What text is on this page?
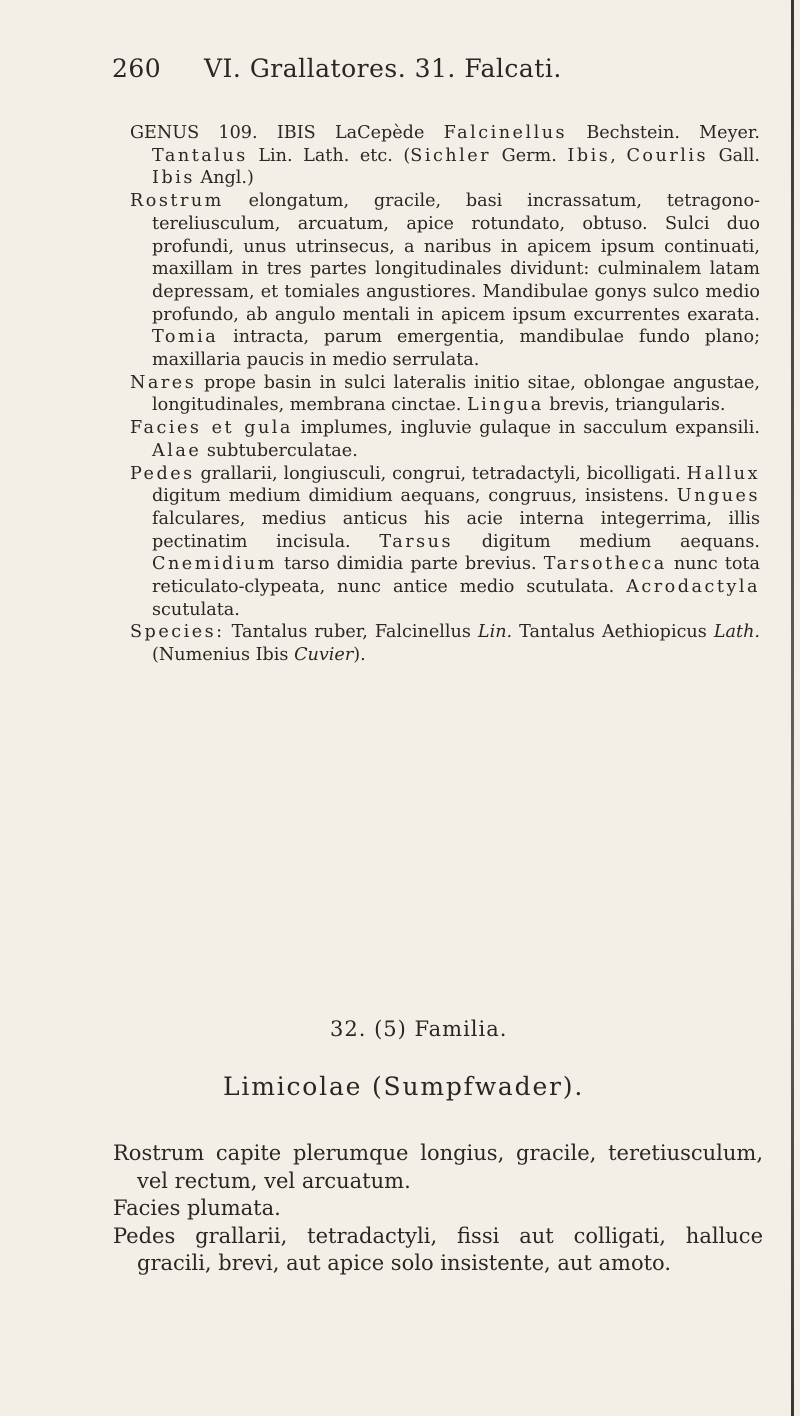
260 VI. Grallatores. 31. Falcati.

GENUS 109. IBIS LaCepède Falcinellus Bechstein. Meyer. Tantalus Lin. Lath. etc. (Sichler Germ. Ibis, Courlis Gall. Ibis Angl.)

Rostrum elongatum, gracile, basi incrassatum, tetragono-tereliusculum, arcuatum, apice rotundato, obtuso. Sulci duo profundi, unus utrinsecus, a naribus in apicem ipsum continuati, maxillam in tres partes longitudinales dividunt: culminalem latam depressam, et tomiales angustiores. Mandibulae gonys sulco medio profundo, ab angulo mentali in apicem ipsum excurrentes exarata. Tomia intracta, parum emergentia, mandibulae fundo plano; maxillaria paucis in medio serrulata.

Nares prope basin in sulci lateralis initio sitae, oblongae angustae, longitudinales, membrana cinctae. Lingua brevis, triangularis.

Facies et gula implumes, ingluvie gulaque in sacculum expansili. Alae subtuberculatae.

Pedes grallarii, longiusculi, congrui, tetradactyli, bicolligati. Hallux digitum medium dimidium aequans, congruus, insistens. Ungues falculares, medius anticus his acie interna integerrima, illis pectinatim incisula. Tarsus digitum medium aequans. Cnemidium tarso dimidia parte brevius. Tarsotheca nunc tota reticulato-clypeata, nunc antice medio scutulata. Acrodactyla scutulata.

Species: Tantalus ruber, Falcinellus Lin. Tantalus Aethiopicus Lath. (Numenius Ibis Cuvier).

32. (5) Familia.
Limicolae (Sumpfwader).

Rostrum capite plerumque longius, gracile, teretiusculum, vel rectum, vel arcuatum.

Facies plumata.

Pedes grallarii, tetradactyli, fissi aut colligati, halluce gracili, brevi, aut apice solo insistente, aut amoto.
